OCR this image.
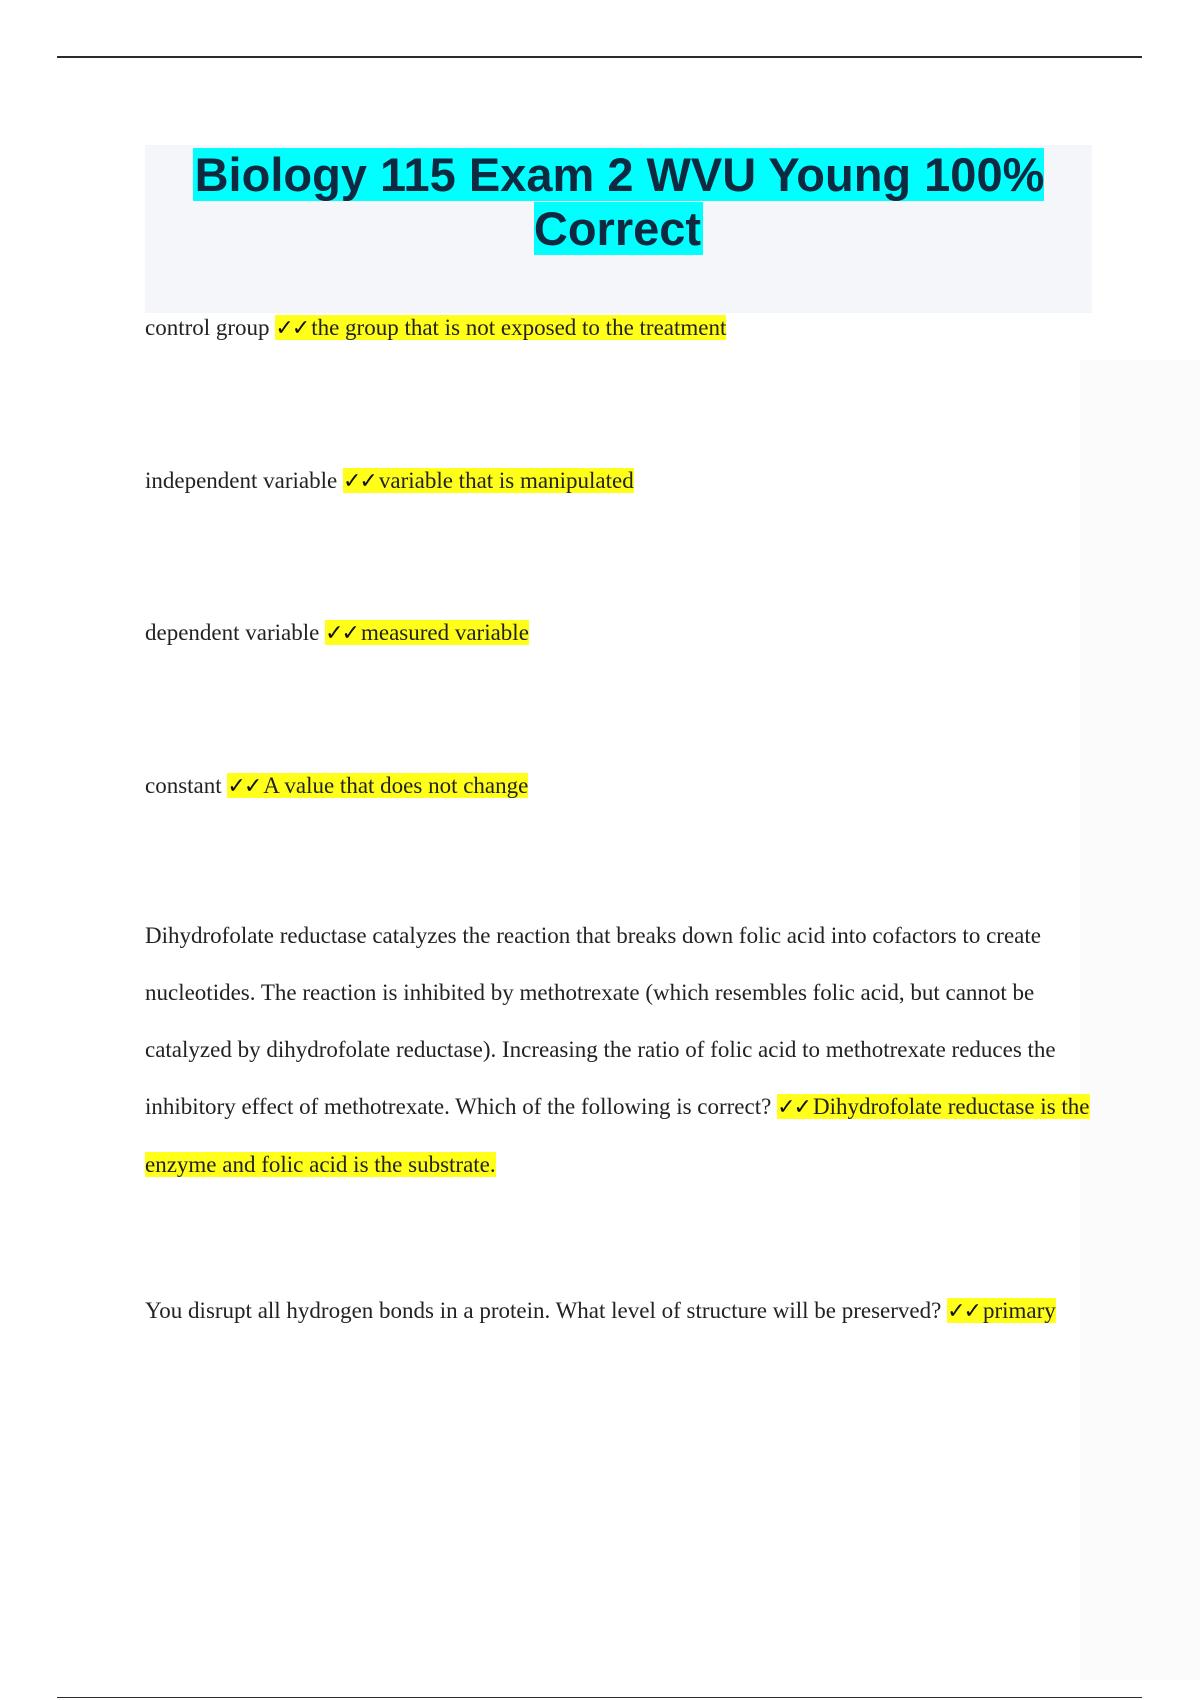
Biology 115 Exam 2 WVU Young 100% Correct
control group ✓✓ the group that is not exposed to the treatment
independent variable ✓✓ variable that is manipulated
dependent variable ✓✓ measured variable
constant ✓✓ A value that does not change
Dihydrofolate reductase catalyzes the reaction that breaks down folic acid into cofactors to create nucleotides. The reaction is inhibited by methotrexate (which resembles folic acid, but cannot be catalyzed by dihydrofolate reductase). Increasing the ratio of folic acid to methotrexate reduces the inhibitory effect of methotrexate. Which of the following is correct? ✓✓ Dihydrofolate reductase is the enzyme and folic acid is the substrate.
You disrupt all hydrogen bonds in a protein. What level of structure will be preserved? ✓✓ primary
